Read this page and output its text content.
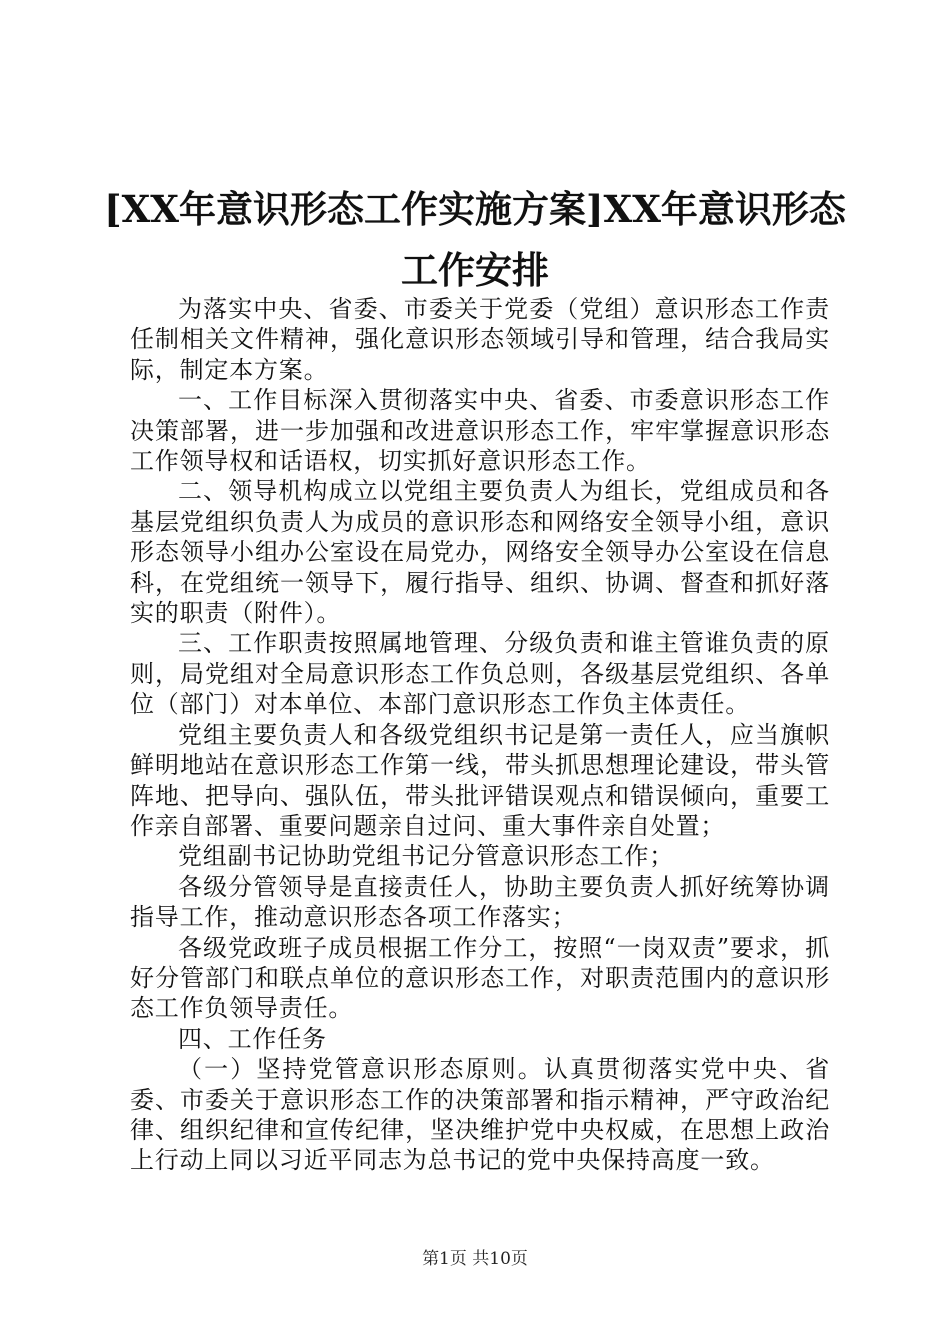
[XX年意识形态工作实施方案]XX年意识形态
工作安排

为落实中央、省委、市委关于党委（党组）意识形态工作责任制相关文件精神，强化意识形态领域引导和管理，结合我局实际，制定本方案。

一、工作目标深入贯彻落实中央、省委、市委意识形态工作决策部署，进一步加强和改进意识形态工作，牢牢掌握意识形态工作领导权和话语权，切实抓好意识形态工作。

二、领导机构成立以党组主要负责人为组长，党组成员和各基层党组织负责人为成员的意识形态和网络安全领导小组，意识形态领导小组办公室设在局党办，网络安全领导办公室设在信息科，在党组统一领导下，履行指导、组织、协调、督查和抓好落实的职责（附件）。

三、工作职责按照属地管理、分级负责和谁主管谁负责的原则，局党组对全局意识形态工作负总则，各级基层党组织、各单位（部门）对本单位、本部门意识形态工作负主体责任。

党组主要负责人和各级党组织书记是第一责任人，应当旗帜鲜明地站在意识形态工作第一线，带头抓思想理论建设，带头管阵地、把导向、强队伍，带头批评错误观点和错误倾向，重要工作亲自部署、重要问题亲自过问、重大事件亲自处置；

党组副书记协助党组书记分管意识形态工作；

各级分管领导是直接责任人，协助主要负责人抓好统筹协调指导工作，推动意识形态各项工作落实；

各级党政班子成员根据工作分工，按照“一岗双责”要求，抓好分管部门和联点单位的意识形态工作，对职责范围内的意识形态工作负领导责任。

四、工作任务

（一）坚持党管意识形态原则。认真贯彻落实党中央、省委、市委关于意识形态工作的决策部署和指示精神，严守政治纪律、组织纪律和宣传纪律，坚决维护党中央权威，在思想上政治上行动上同以习近平同志为总书记的党中央保持高度一致。

第1页 共10页
